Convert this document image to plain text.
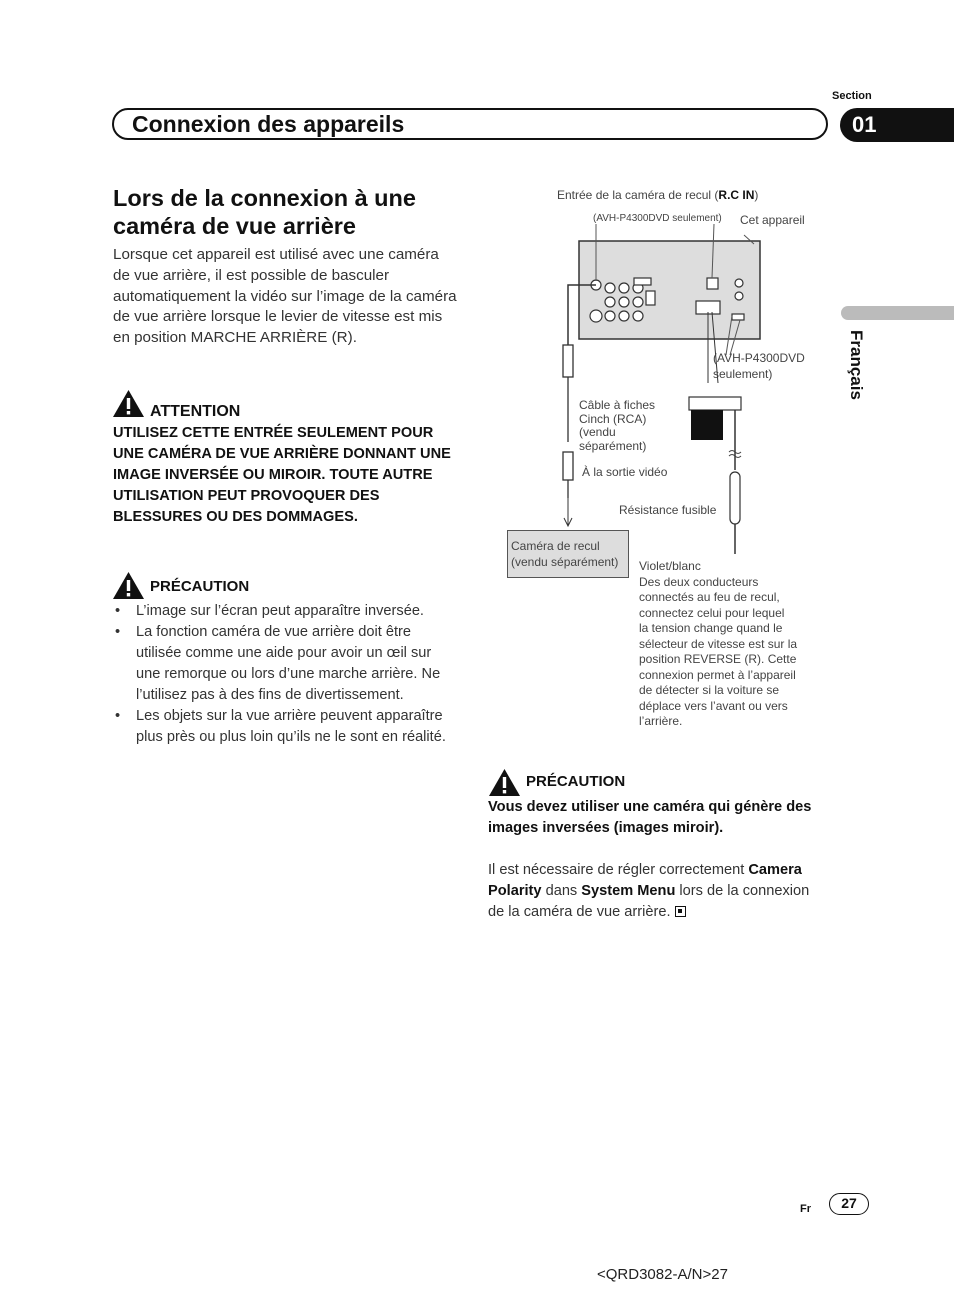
Section
Connexion des appareils	01
Français
Lors de la connexion à une caméra de vue arrière

Lorsque cet appareil est utilisé avec une caméra de vue arrière, il est possible de basculer automatiquement la vidéo sur l’image de la caméra de vue arrière lorsque le levier de vitesse est mis en position MARCHE ARRIÈRE (R).

ATTENTION

UTILISEZ CETTE ENTRÉE SEULEMENT POUR UNE CAMÉRA DE VUE ARRIÈRE DONNANT UNE IMAGE INVERSÉE OU MIROIR. TOUTE AUTRE UTILISATION PEUT PROVOQUER DES BLESSURES OU DES DOMMAGES.

PRÉCAUTION
• L’image sur l’écran peut apparaître inversée.
• La fonction caméra de vue arrière doit être utilisée comme une aide pour avoir un œil sur une remorque ou lors d’une marche arrière. Ne l’utilisez pas à des fins de divertissement.
• Les objets sur la vue arrière peuvent apparaître plus près ou plus loin qu’ils ne le sont en réalité.
Entrée de la caméra de recul (R.C IN)
(AVH-P4300DVD seulement) Cet appareil
(AVH-P4300DVD
seulement)
Câble à fiches
Cinch (RCA)
(vendu
séparément)
À la sortie vidéo
Résistance fusible
Caméra de recul
(vendu séparément) Violet/blanc
Des deux conducteurs
connectés au feu de recul,
connectez celui pour lequel
la tension change quand le
sélecteur de vitesse est sur la
position REVERSE (R). Cette
connexion permet à l’appareil
de détecter si la voiture se
déplace vers l’avant ou vers
l’arrière.
PRÉCAUTION

Vous devez utiliser une caméra qui génère des images inversées (images miroir).

Il est nécessaire de régler correctement Camera Polarity dans System Menu lors de la connexion de la caméra de vue arrière.

Fr	27
<QRD3082-A/N>27
